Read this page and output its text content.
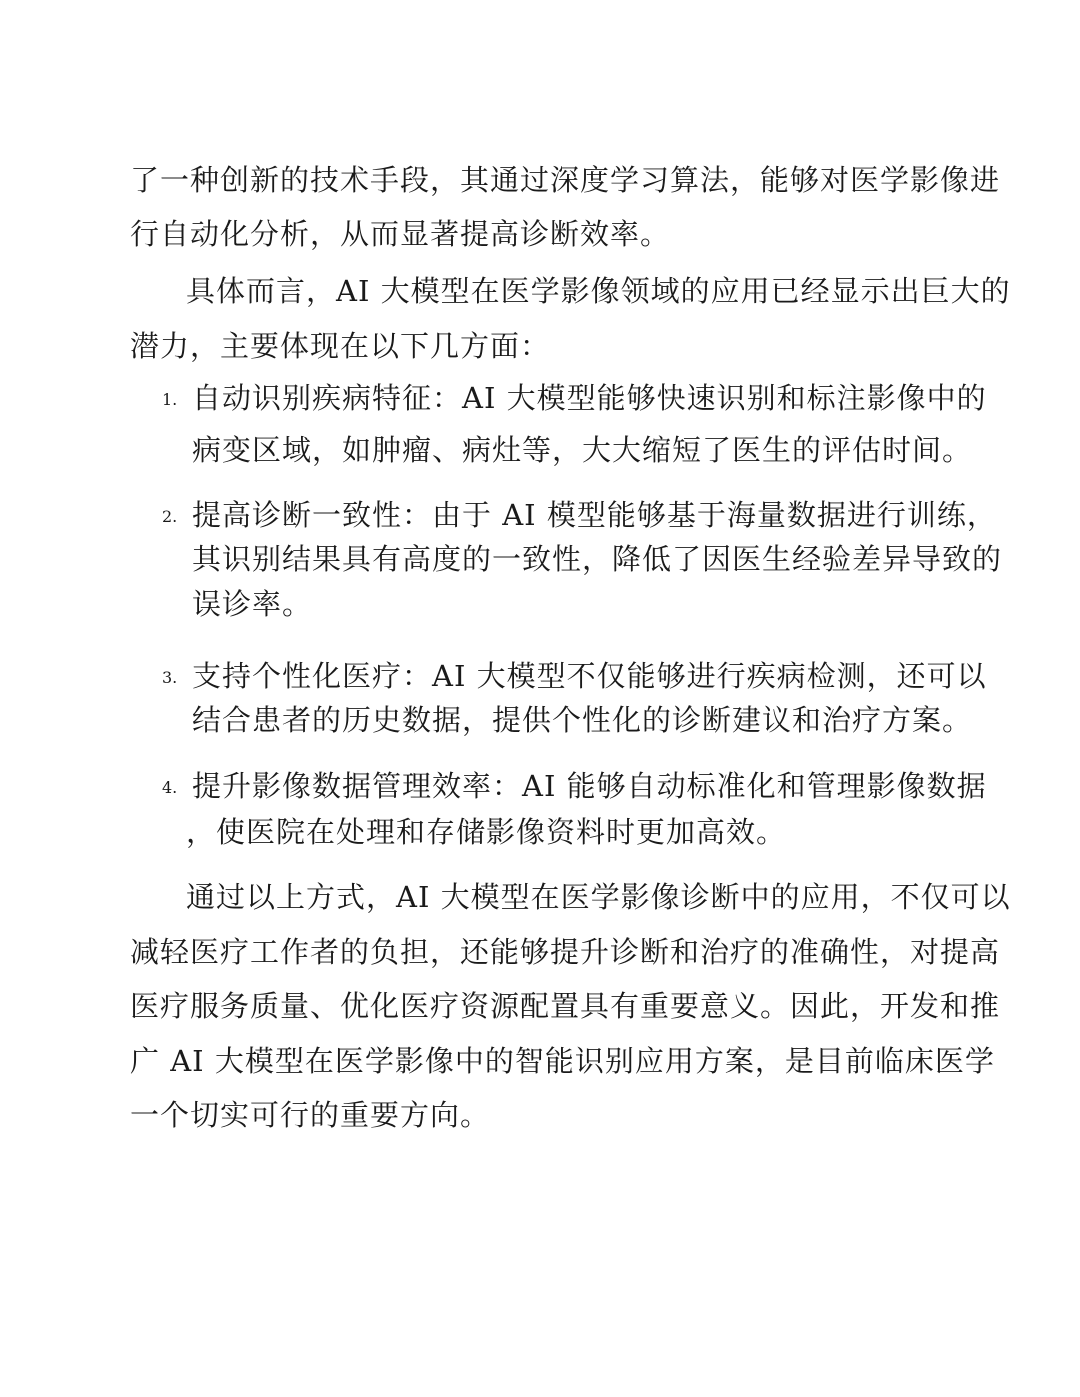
了一种创新的技术手段，其通过深度学习算法，能够对医学影像进
行自动化分析，从而显著提高诊断效率。
具体而言，AI 大模型在医学影像领域的应用已经显示出巨大的
潜力，主要体现在以下几方面：
1. 自动识别疾病特征：AI 大模型能够快速识别和标注影像中的
病变区域，如肿瘤、病灶等，大大缩短了医生的评估时间。
2. 提高诊断一致性：由于 AI 模型能够基于海量数据进行训练，
其识别结果具有高度的一致性，降低了因医生经验差异导致的
误诊率。
3. 支持个性化医疗：AI 大模型不仅能够进行疾病检测，还可以
结合患者的历史数据，提供个性化的诊断建议和治疗方案。
4. 提升影像数据管理效率：AI 能够自动标准化和管理影像数据
，使医院在处理和存储影像资料时更加高效。
通过以上方式，AI 大模型在医学影像诊断中的应用，不仅可以
减轻医疗工作者的负担，还能够提升诊断和治疗的准确性，对提高
医疗服务质量、优化医疗资源配置具有重要意义。因此，开发和推
广 AI 大模型在医学影像中的智能识别应用方案，是目前临床医学
一个切实可行的重要方向。
